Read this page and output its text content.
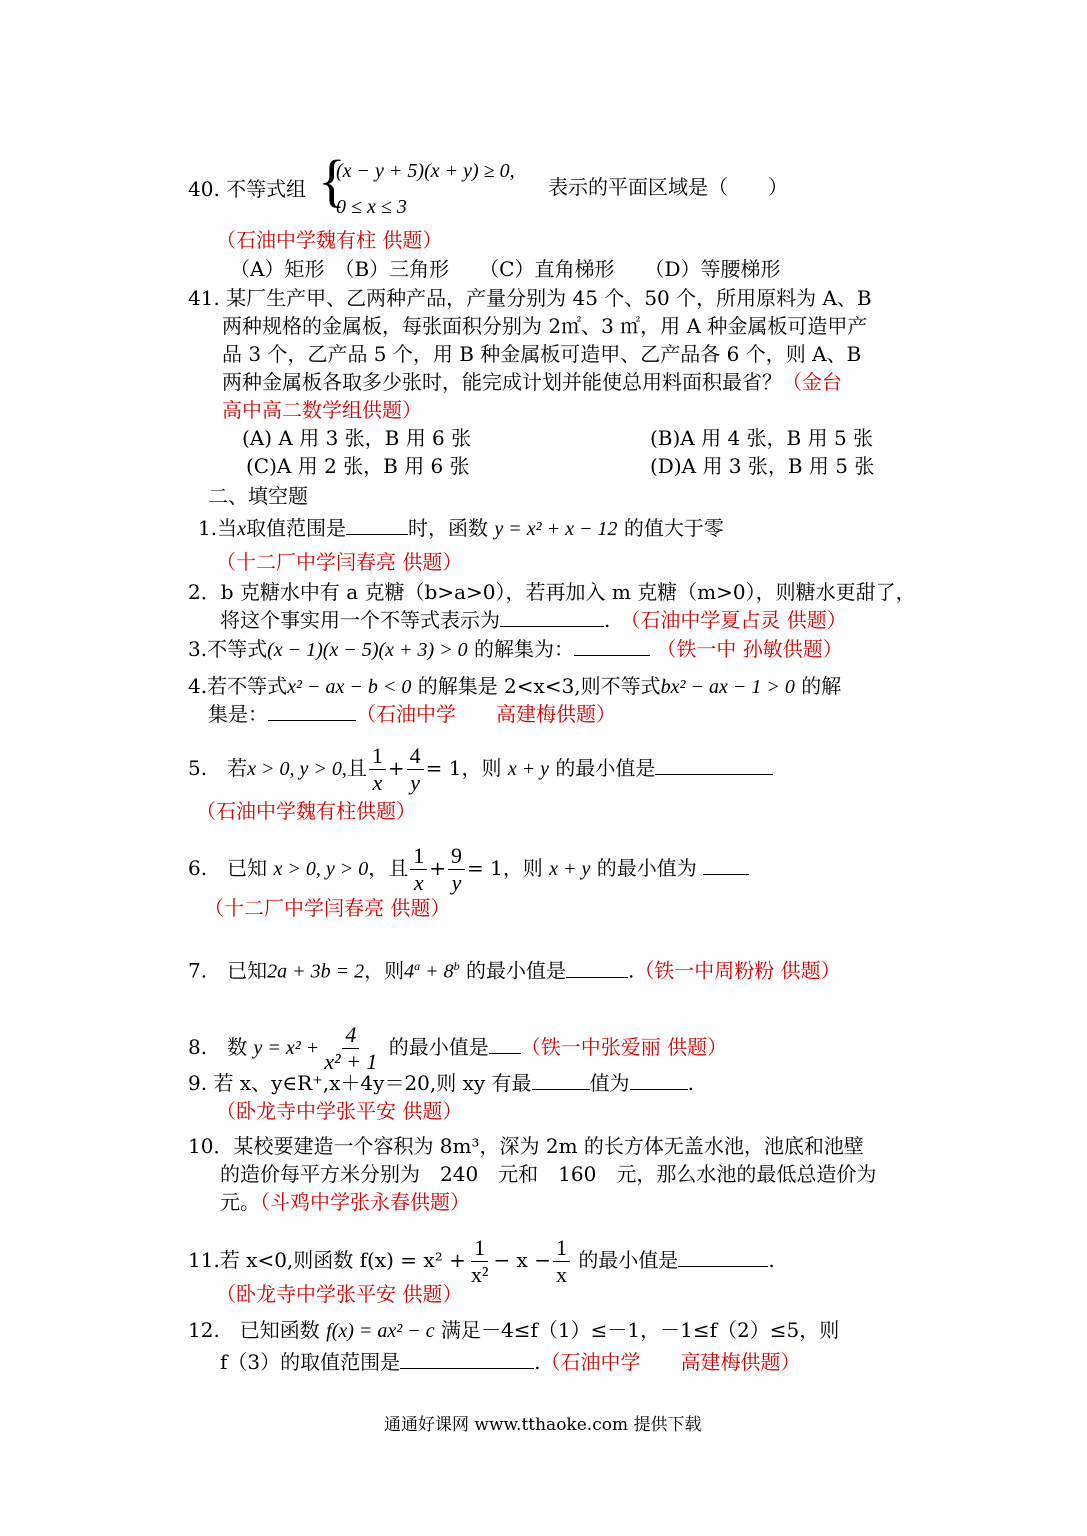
40. 不等式组 {
(x − y + 5)(x + y) ≥ 0,
0 ≤ x ≤ 3
表示的平面区域是（　　）
（石油中学魏有柱 供题）
（A）矩形　（B）三角形　　（C）直角梯形　　（D）等腰梯形
41. 某厂生产甲、乙两种产品，产量分别为 45 个、50 个，所用原料为 A、B
两种规格的金属板，每张面积分别为 2㎡、3 ㎡，用 A 种金属板可造甲产
品 3 个，乙产品 5 个，用 B 种金属板可造甲、乙产品各 6 个，则 A、B
两种金属板各取多少张时，能完成计划并能使总用料面积最省？（金台
高中高二数学组供题）
(A) A 用 3 张，B 用 6 张	(B)A 用 4 张，B 用 5 张
(C)A 用 2 张，B 用 6 张	(D)A 用 3 张，B 用 5 张
二、填空题
1.当x取值范围是	时，函数 y = x² + x − 12 的值大于零
（十二厂中学闫春亮 供题）
2．b 克糖水中有 a 克糖（b>a>0），若再加入 m 克糖（m>0），则糖水更甜了，
将这个事实用一个不等式表示为	.　 （石油中学夏占灵 供题）
3.不等式(x − 1)(x − 5)(x + 3) > 0 的解集为：	（铁一中 孙敏供题）
4.若不等式x² − ax − b < 0 的解集是 2<x<3,则不等式bx² − ax − 1 > 0 的解
集是：	（石油中学　　高建梅供题）
5.　若x > 0, y > 0,且 $\frac{1}{x} + \frac{4}{y} = 1$，则 x + y 的最小值是
（石油中学魏有柱供题）
6.　已知 x > 0, y > 0，且 $\frac{1}{x} + \frac{9}{y} = 1$，则 x + y 的最小值为
（十二厂中学闫春亮 供题）
7.　已知2a + 3b = 2，则$4^a + 8^b$ 的最小值是	.（铁一中周粉粉 供题）
8.　数 $y = x^2 + \frac{4}{\text{x² + 1}}$ 的最小值是 （铁一中张爱丽 供题）
9. 若 x、y∈R⁺,x＋4y＝20,则 xy 有最	值为	.
（卧龙寺中学张平安 供题）
10．某校要建造一个容积为 8m³，深为 2m 的长方体无盖水池，池底和池壁
的造价每平方米分别为　240　元和　160　元，那么水池的最低总造价为
元。（斗鸡中学张永春供题）
11.若 x<0,则函数 $f(x) = x^2 + \frac{1}{\text{x²}} - x - \frac{1}{x}$ 的最小值是	.
（卧龙寺中学张平安 供题）
12.　已知函数 f(x) = ax² − c 满足－4≤f（1）≤－1，－1≤f（2）≤5，则
f（3）的取值范围是	.（石油中学　　高建梅供题）
通通好课网 www.tthaoke.com 提供下载
